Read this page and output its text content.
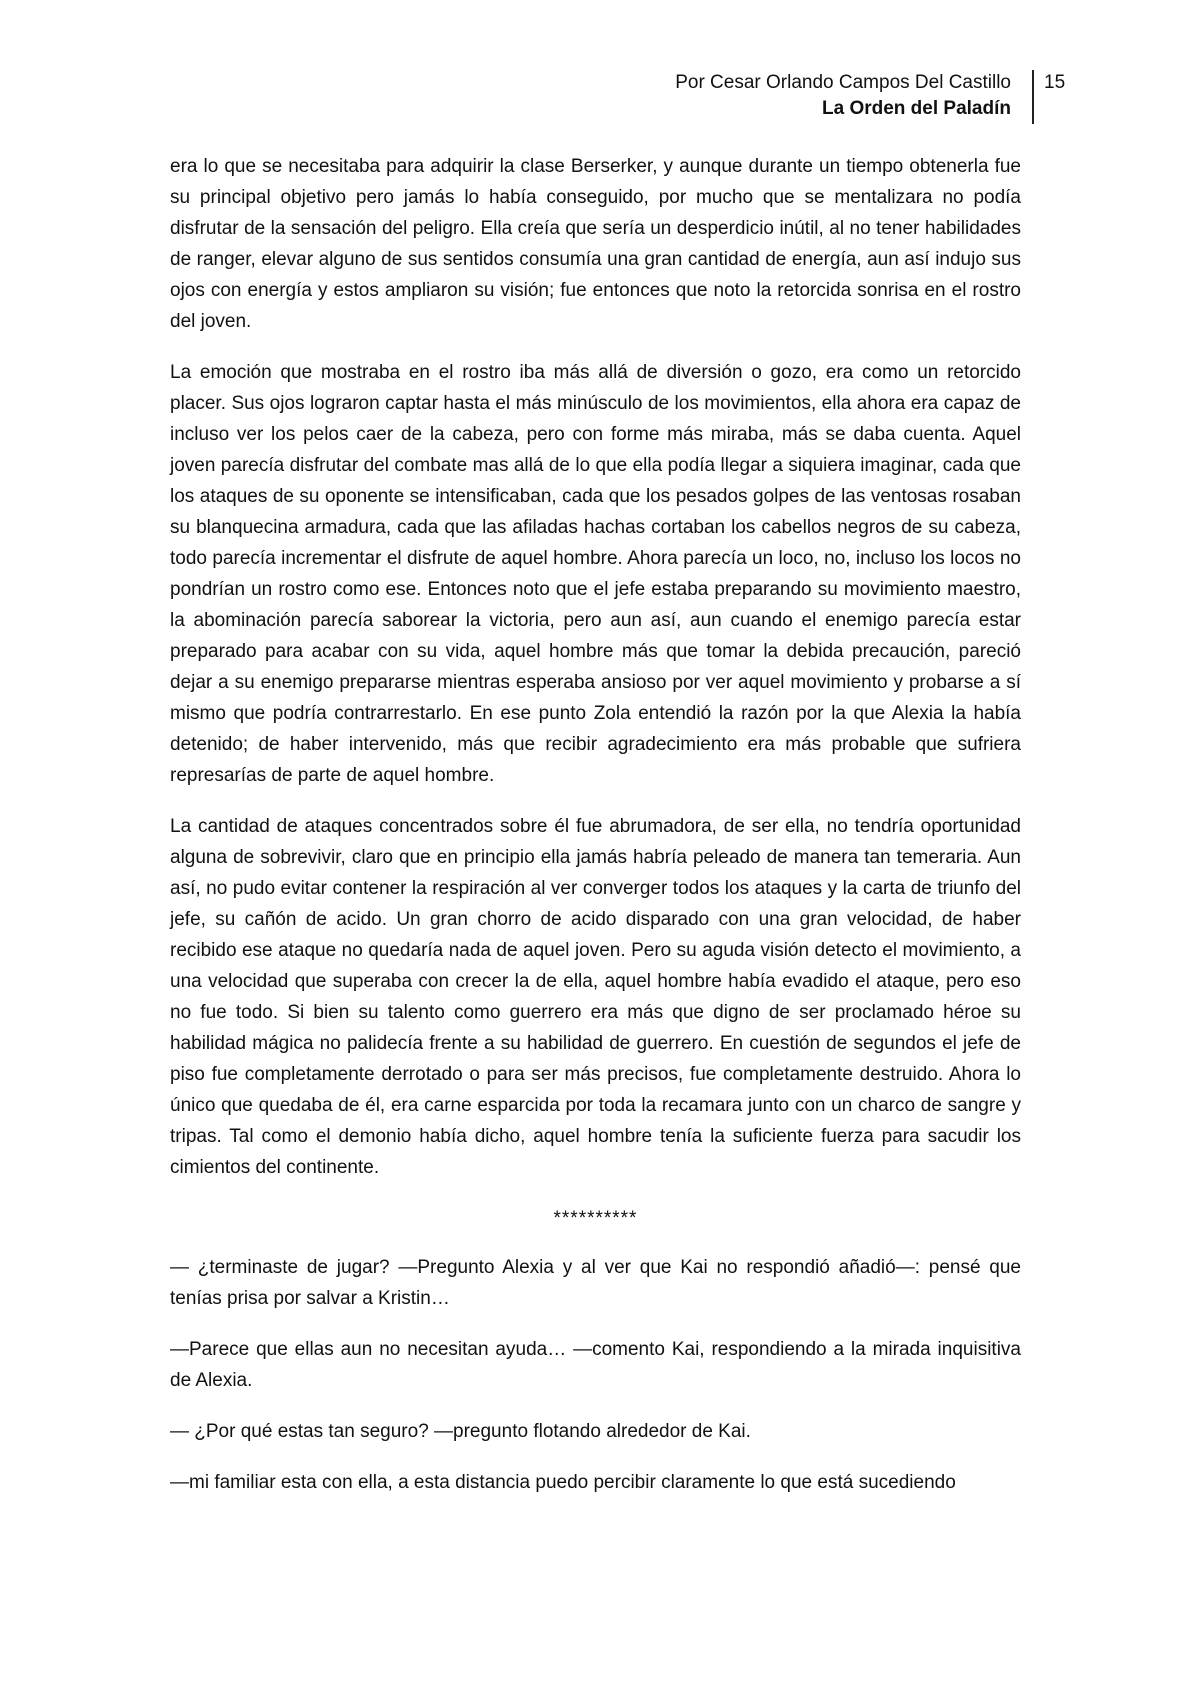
Por Cesar Orlando Campos Del Castillo
La Orden del Paladín
15

era lo que se necesitaba para adquirir la clase Berserker, y aunque durante un tiempo obtenerla fue su principal objetivo pero jamás lo había conseguido, por mucho que se mentalizara no podía disfrutar de la sensación del peligro. Ella creía que sería un desperdicio inútil, al no tener habilidades de ranger, elevar alguno de sus sentidos consumía una gran cantidad de energía, aun así indujo sus ojos con energía y estos ampliaron su visión; fue entonces que noto la retorcida sonrisa en el rostro del joven.

La emoción que mostraba en el rostro iba más allá de diversión o gozo, era como un retorcido placer. Sus ojos lograron captar hasta el más minúsculo de los movimientos, ella ahora era capaz de incluso ver los pelos caer de la cabeza, pero con forme más miraba, más se daba cuenta. Aquel joven parecía disfrutar del combate mas allá de lo que ella podía llegar a siquiera imaginar, cada que los ataques de su oponente se intensificaban, cada que los pesados golpes de las ventosas rosaban su blanquecina armadura, cada que las afiladas hachas cortaban los cabellos negros de su cabeza, todo parecía incrementar el disfrute de aquel hombre. Ahora parecía un loco, no, incluso los locos no pondrían un rostro como ese. Entonces noto que el jefe estaba preparando su movimiento maestro, la abominación parecía saborear la victoria, pero aun así, aun cuando el enemigo parecía estar preparado para acabar con su vida, aquel hombre más que tomar la debida precaución, pareció dejar a su enemigo prepararse mientras esperaba ansioso por ver aquel movimiento y probarse a sí mismo que podría contrarrestarlo. En ese punto Zola entendió la razón por la que Alexia la había detenido; de haber intervenido, más que recibir agradecimiento era más probable que sufriera represarías de parte de aquel hombre.

La cantidad de ataques concentrados sobre él fue abrumadora, de ser ella, no tendría oportunidad alguna de sobrevivir, claro que en principio ella jamás habría peleado de manera tan temeraria. Aun así, no pudo evitar contener la respiración al ver converger todos los ataques y la carta de triunfo del jefe, su cañón de acido. Un gran chorro de acido disparado con una gran velocidad, de haber recibido ese ataque no quedaría nada de aquel joven. Pero su aguda visión detecto el movimiento, a una velocidad que superaba con crecer la de ella, aquel hombre había evadido el ataque, pero eso no fue todo. Si bien su talento como guerrero era más que digno de ser proclamado héroe su habilidad mágica no palidecía frente a su habilidad de guerrero. En cuestión de segundos el jefe de piso fue completamente derrotado o para ser más precisos, fue completamente destruido. Ahora lo único que quedaba de él, era carne esparcida por toda la recamara junto con un charco de sangre y tripas. Tal como el demonio había dicho, aquel hombre tenía la suficiente fuerza para sacudir los cimientos del continente.

**********

— ¿terminaste de jugar? —Pregunto Alexia y al ver que Kai no respondió añadió—: pensé que tenías prisa por salvar a Kristin…

—Parece que ellas aun no necesitan ayuda… —comento Kai, respondiendo a la mirada inquisitiva de Alexia.

— ¿Por qué estas tan seguro? —pregunto flotando alrededor de Kai.

—mi familiar esta con ella, a esta distancia puedo percibir claramente lo que está sucediendo
